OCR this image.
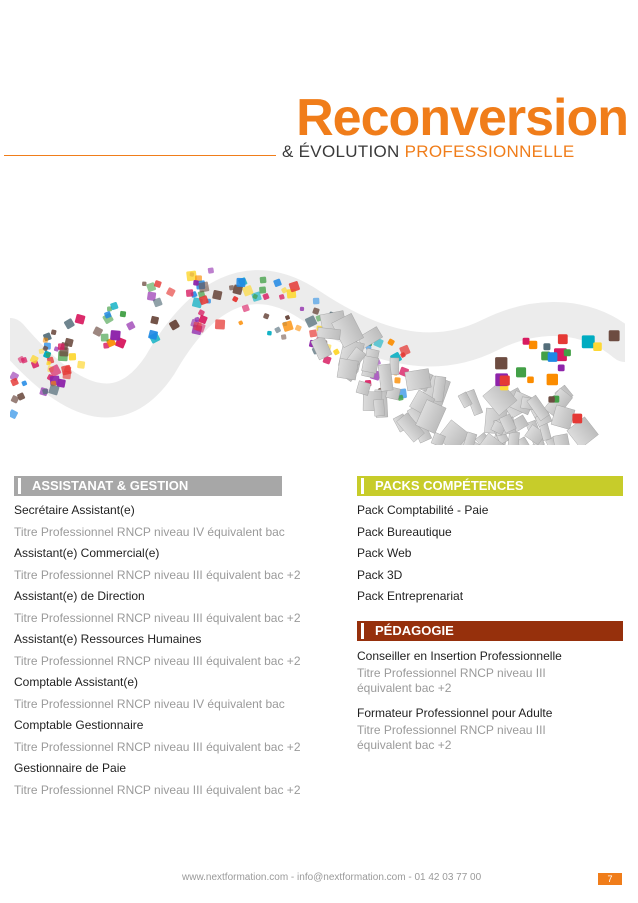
Reconversion
& ÉVOLUTION PROFESSIONNELLE
ASSISTANAT & GESTION
Secrétaire Assistant(e)
Titre Professionnel RNCP niveau IV équivalent bac
Assistant(e) Commercial(e)
Titre Professionnel RNCP niveau III équivalent bac +2
Assistant(e) de Direction
Titre Professionnel RNCP niveau III équivalent bac +2
Assistant(e) Ressources Humaines
Titre Professionnel RNCP niveau III équivalent bac +2
Comptable Assistant(e)
Titre Professionnel RNCP niveau IV équivalent bac
Comptable Gestionnaire
Titre Professionnel RNCP niveau III équivalent bac +2
Gestionnaire de Paie
Titre Professionnel RNCP niveau III équivalent bac +2
PACKS COMPÉTENCES
Pack Comptabilité - Paie
Pack Bureautique
Pack Web
Pack 3D
Pack Entreprenariat
PÉDAGOGIE
Conseiller en Insertion Professionnelle
Titre Professionnel RNCP niveau III
équivalent bac +2
Formateur Professionnel pour Adulte
Titre Professionnel RNCP niveau III
équivalent bac +2
www.nextformation.com - info@nextformation.com - 01 42 03 77 00	7
